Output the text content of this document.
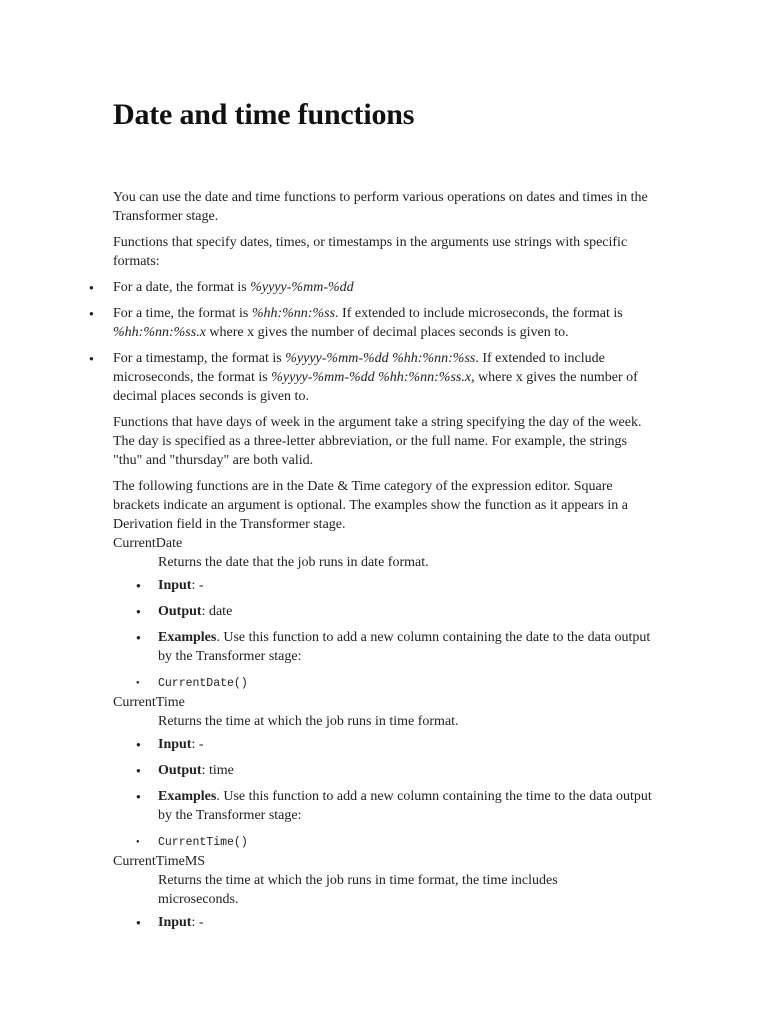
Date and time functions

You can use the date and time functions to perform various operations on dates and times in the Transformer stage.

Functions that specify dates, times, or timestamps in the arguments use strings with specific formats:

● For a date, the format is %yyyy-%mm-%dd
● For a time, the format is %hh:%nn:%ss. If extended to include microseconds, the format is %hh:%nn:%ss.x where x gives the number of decimal places seconds is given to.
● For a timestamp, the format is %yyyy-%mm-%dd %hh:%nn:%ss. If extended to include microseconds, the format is %yyyy-%mm-%dd %hh:%nn:%ss.x, where x gives the number of decimal places seconds is given to.

Functions that have days of week in the argument take a string specifying the day of the week. The day is specified as a three-letter abbreviation, or the full name. For example, the strings "thu" and "thursday" are both valid.

The following functions are in the Date & Time category of the expression editor. Square brackets indicate an argument is optional. The examples show the function as it appears in a Derivation field in the Transformer stage.

CurrentDate
Returns the date that the job runs in date format.
● Input: -
● Output: date
● Examples. Use this function to add a new column containing the date to the data output by the Transformer stage:
● CurrentDate()
CurrentTime
Returns the time at which the job runs in time format.
● Input: -
● Output: time
● Examples. Use this function to add a new column containing the time to the data output by the Transformer stage:
● CurrentTime()
CurrentTimeMS
Returns the time at which the job runs in time format, the time includes microseconds.
● Input: -
